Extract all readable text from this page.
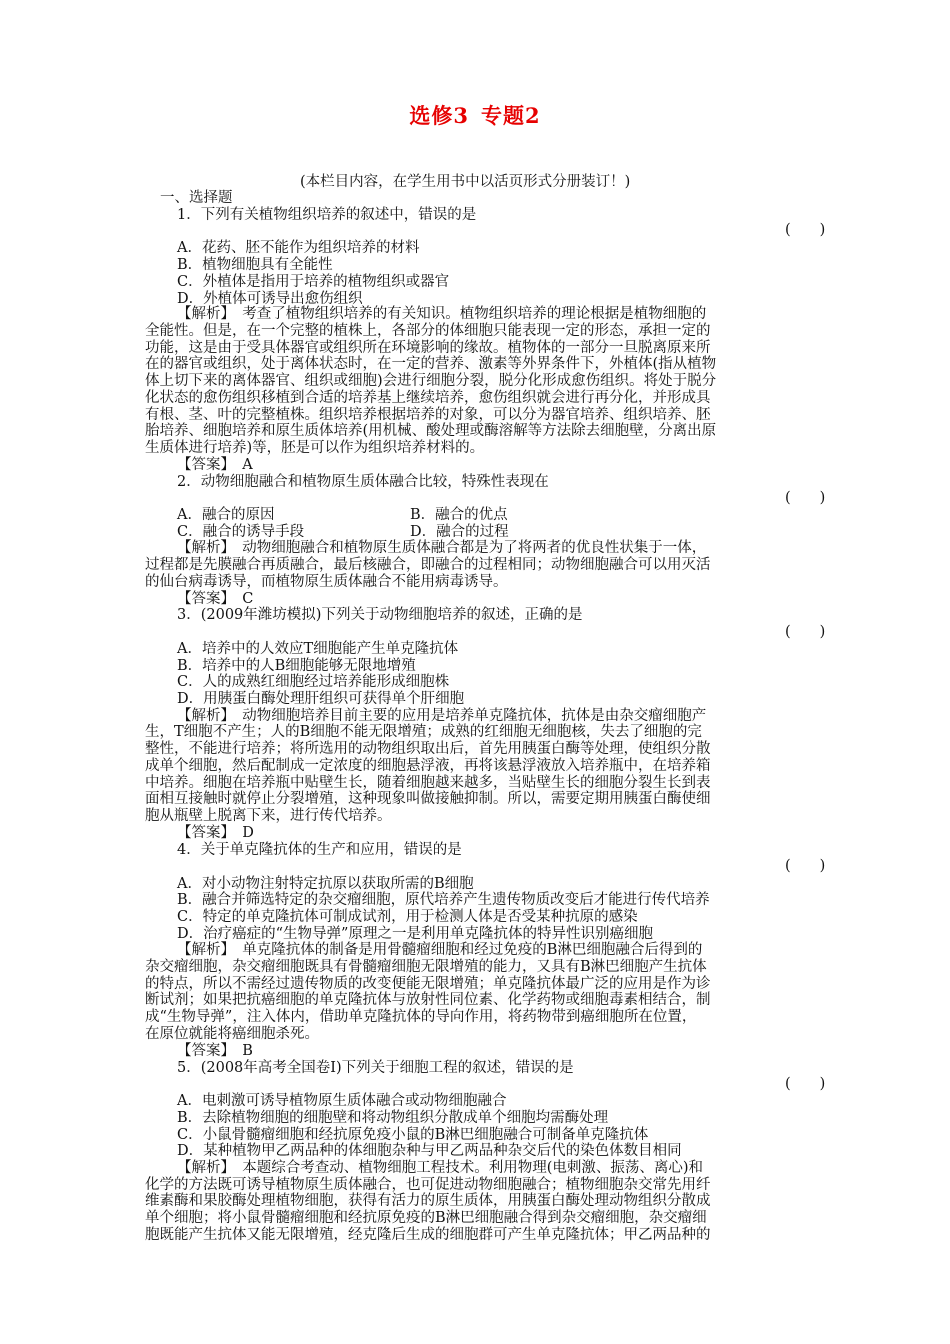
选修3 专题2
(本栏目内容，在学生用书中以活页形式分册装订！)
一、选择题
1．下列有关植物组织培养的叙述中，错误的是
(　　)
A．花药、胚不能作为组织培养的材料
B．植物细胞具有全能性
C．外植体是指用于培养的植物组织或器官
D．外植体可诱导出愈伤组织
【解析】　考查了植物组织培养的有关知识。植物组织培养的理论根据是植物细胞的
全能性。但是，在一个完整的植株上，各部分的体细胞只能表现一定的形态，承担一定的
功能，这是由于受具体器官或组织所在环境影响的缘故。植物体的一部分一旦脱离原来所
在的器官或组织，处于离体状态时，在一定的营养、激素等外界条件下，外植体(指从植物
体上切下来的离体器官、组织或细胞)会进行细胞分裂，脱分化形成愈伤组织。将处于脱分
化状态的愈伤组织移植到合适的培养基上继续培养，愈伤组织就会进行再分化，并形成具
有根、茎、叶的完整植株。组织培养根据培养的对象，可以分为器官培养、组织培养、胚
胎培养、细胞培养和原生质体培养(用机械、酸处理或酶溶解等方法除去细胞壁，分离出原
生质体进行培养)等，胚是可以作为组织培养材料的。
【答案】　A
2．动物细胞融合和植物原生质体融合比较，特殊性表现在
(　　)
A．融合的原因	B．融合的优点
C．融合的诱导手段	D．融合的过程
【解析】　动物细胞融合和植物原生质体融合都是为了将两者的优良性状集于一体，
过程都是先膜融合再质融合，最后核融合，即融合的过程相同；动物细胞融合可以用灭活
的仙台病毒诱导，而植物原生质体融合不能用病毒诱导。
【答案】　C
3．(2009年潍坊模拟)下列关于动物细胞培养的叙述，正确的是
(　　)
A．培养中的人效应T细胞能产生单克隆抗体
B．培养中的人B细胞能够无限地增殖
C．人的成熟红细胞经过培养能形成细胞株
D．用胰蛋白酶处理肝组织可获得单个肝细胞
【解析】　动物细胞培养目前主要的应用是培养单克隆抗体，抗体是由杂交瘤细胞产
生，T细胞不产生；人的B细胞不能无限增殖；成熟的红细胞无细胞核，失去了细胞的完
整性，不能进行培养；将所选用的动物组织取出后，首先用胰蛋白酶等处理，使组织分散
成单个细胞，然后配制成一定浓度的细胞悬浮液，再将该悬浮液放入培养瓶中，在培养箱
中培养。细胞在培养瓶中贴壁生长，随着细胞越来越多，当贴壁生长的细胞分裂生长到表
面相互接触时就停止分裂增殖，这种现象叫做接触抑制。所以，需要定期用胰蛋白酶使细
胞从瓶壁上脱离下来，进行传代培养。
【答案】　D
4．关于单克隆抗体的生产和应用，错误的是
(　　)
A．对小动物注射特定抗原以获取所需的B细胞
B．融合并筛选特定的杂交瘤细胞，原代培养产生遗传物质改变后才能进行传代培养
C．特定的单克隆抗体可制成试剂，用于检测人体是否受某种抗原的感染
D．治疗癌症的“生物导弹”原理之一是利用单克隆抗体的特异性识别癌细胞
【解析】　单克隆抗体的制备是用骨髓瘤细胞和经过免疫的B淋巴细胞融合后得到的
杂交瘤细胞，杂交瘤细胞既具有骨髓瘤细胞无限增殖的能力，又具有B淋巴细胞产生抗体
的特点，所以不需经过遗传物质的改变便能无限增殖；单克隆抗体最广泛的应用是作为诊
断试剂；如果把抗癌细胞的单克隆抗体与放射性同位素、化学药物或细胞毒素相结合，制
成“生物导弹”，注入体内，借助单克隆抗体的导向作用，将药物带到癌细胞所在位置，
在原位就能将癌细胞杀死。
【答案】　B
5．(2008年高考全国卷Ⅰ)下列关于细胞工程的叙述，错误的是
(　　)
A．电刺激可诱导植物原生质体融合或动物细胞融合
B．去除植物细胞的细胞壁和将动物组织分散成单个细胞均需酶处理
C．小鼠骨髓瘤细胞和经抗原免疫小鼠的B淋巴细胞融合可制备单克隆抗体
D．某种植物甲乙两品种的体细胞杂种与甲乙两品种杂交后代的染色体数目相同
【解析】　本题综合考查动、植物细胞工程技术。利用物理(电刺激、振荡、离心)和
化学的方法既可诱导植物原生质体融合，也可促进动物细胞融合；植物细胞杂交常先用纤
维素酶和果胶酶处理植物细胞，获得有活力的原生质体，用胰蛋白酶处理动物组织分散成
单个细胞；将小鼠骨髓瘤细胞和经抗原免疫的B淋巴细胞融合得到杂交瘤细胞，杂交瘤细
胞既能产生抗体又能无限增殖，经克隆后生成的细胞群可产生单克隆抗体；甲乙两品种的
